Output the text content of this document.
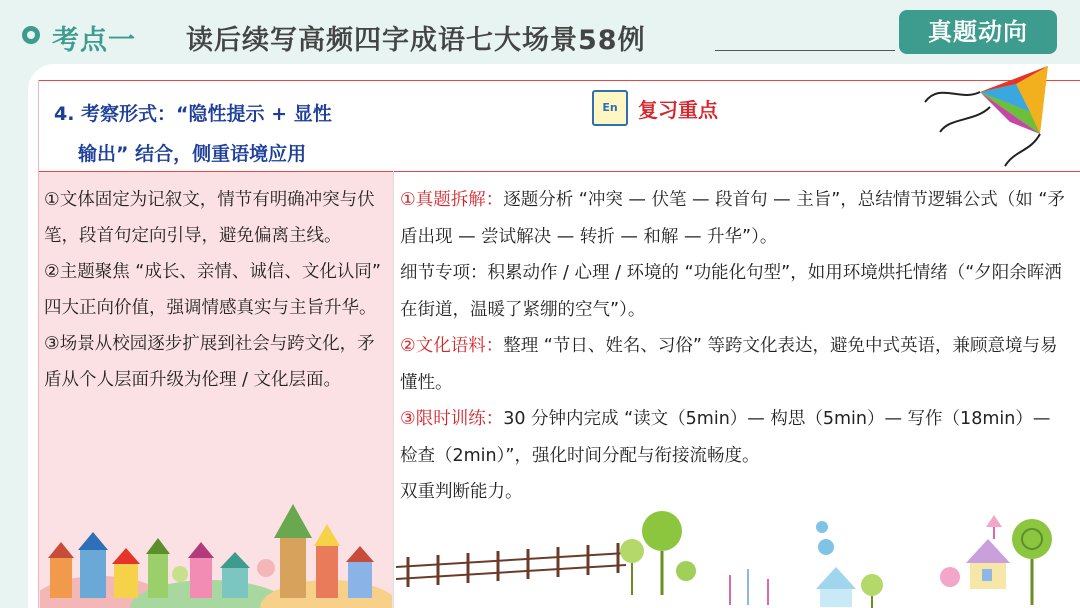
考点一 读后续写高频四字成语七大场景58例	真题动向
4. 考察形式：“隐性提示 + 显性
输出” 结合，侧重语境应用
En	复习重点

①文体固定为记叙文，情节有明确冲突与伏笔，段首句定向引导，避免偏离主线。

②主题聚焦 “成长、亲情、诚信、文化认同” 四大正向价值，强调情感真实与主旨升华。

③场景从校园逐步扩展到社会与跨文化，矛盾从个人层面升级为伦理 / 文化层面。

①真题拆解：逐题分析 “冲突 — 伏笔 — 段首句 — 主旨”，总结情节逻辑公式（如 “矛盾出现 — 尝试解决 — 转折 — 和解 — 升华”）。

细节专项：积累动作 / 心理 / 环境的 “功能化句型”，如用环境烘托情绪（“夕阳余晖洒在街道，温暖了紧绷的空气”）。

②文化语料：整理 “节日、姓名、习俗” 等跨文化表达，避免中式英语，兼顾意境与易懂性。

③限时训练：30 分钟内完成 “读文（5min）— 构思（5min）— 写作（18min）— 检查（2min）”，强化时间分配与衔接流畅度。

双重判断能力。
